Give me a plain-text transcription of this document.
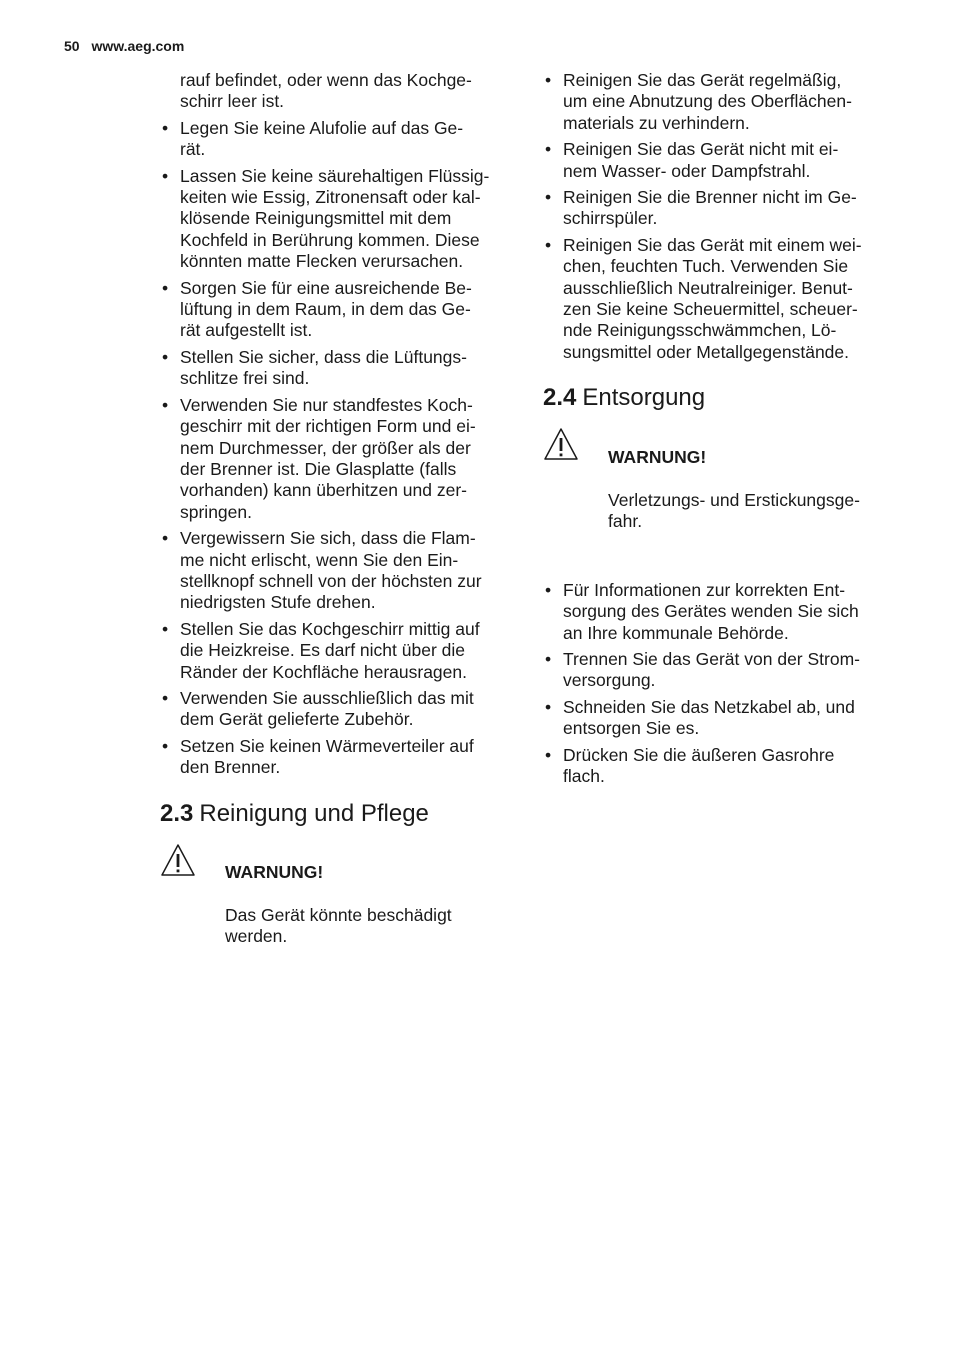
50 www.aeg.com
rauf befindet, oder wenn das Kochge-
schirr leer ist.
• Legen Sie keine Alufolie auf das Ge-
rät.
• Lassen Sie keine säurehaltigen Flüssig-
keiten wie Essig, Zitronensaft oder kal-
klösende Reinigungsmittel mit dem
Kochfeld in Berührung kommen. Diese
könnten matte Flecken verursachen.
• Sorgen Sie für eine ausreichende Be-
lüftung in dem Raum, in dem das Ge-
rät aufgestellt ist.
• Stellen Sie sicher, dass die Lüftungs-
schlitze frei sind.
• Verwenden Sie nur standfestes Koch-
geschirr mit der richtigen Form und ei-
nem Durchmesser, der größer als der
der Brenner ist. Die Glasplatte (falls
vorhanden) kann überhitzen und zer-
springen.
• Vergewissern Sie sich, dass die Flam-
me nicht erlischt, wenn Sie den Ein-
stellknopf schnell von der höchsten zur
niedrigsten Stufe drehen.
• Stellen Sie das Kochgeschirr mittig auf
die Heizkreise. Es darf nicht über die
Ränder der Kochfläche herausragen.
• Verwenden Sie ausschließlich das mit
dem Gerät gelieferte Zubehör.
• Setzen Sie keinen Wärmeverteiler auf
den Brenner.
2.3 Reinigung und Pflege

WARNUNG!

Das Gerät könnte beschädigt
werden.

• Reinigen Sie das Gerät regelmäßig,
um eine Abnutzung des Oberflächen-
materials zu verhindern.
• Reinigen Sie das Gerät nicht mit ei-
nem Wasser- oder Dampfstrahl.
• Reinigen Sie die Brenner nicht im Ge-
schirrspüler.
• Reinigen Sie das Gerät mit einem wei-
chen, feuchten Tuch. Verwenden Sie
ausschließlich Neutralreiniger. Benut-
zen Sie keine Scheuermittel, scheuer-
nde Reinigungsschwämmchen, Lö-
sungsmittel oder Metallgegenstände.
2.4 Entsorgung

WARNUNG!

Verletzungs- und Erstickungsge-
fahr.

• Für Informationen zur korrekten Ent-
sorgung des Gerätes wenden Sie sich
an Ihre kommunale Behörde.
• Trennen Sie das Gerät von der Strom-
versorgung.
• Schneiden Sie das Netzkabel ab, und
entsorgen Sie es.
• Drücken Sie die äußeren Gasrohre
flach.
